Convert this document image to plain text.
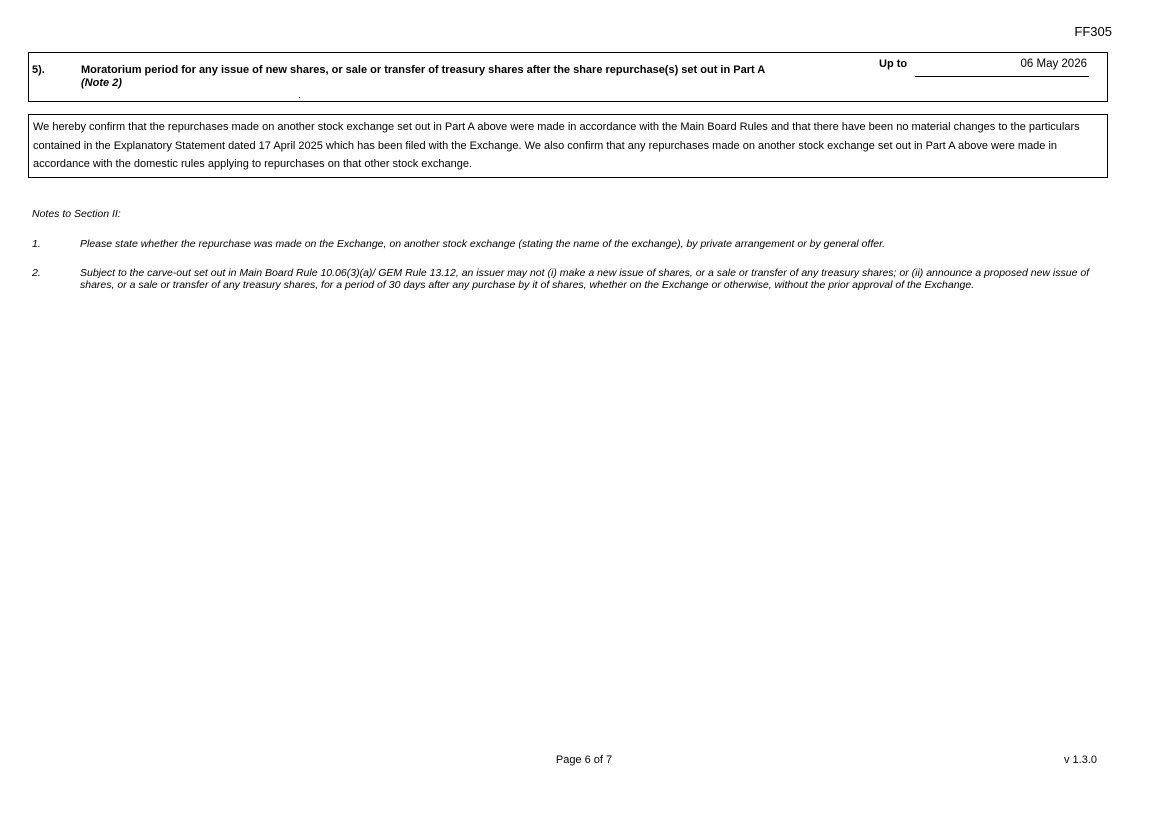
FF305
5).	Moratorium period for any issue of new shares, or sale or transfer of treasury shares after the share repurchase(s) set out in Part A
(Note 2)
Up to	06 May 2026
We hereby confirm that the repurchases made on another stock exchange set out in Part A above were made in accordance with the Main Board Rules and that there have been no material changes to the particulars contained in the Explanatory Statement dated 17 April 2025 which has been filed with the Exchange. We also confirm that any repurchases made on another stock exchange set out in Part A above were made in accordance with the domestic rules applying to repurchases on that other stock exchange.
Notes to Section II:
1.	Please state whether the repurchase was made on the Exchange, on another stock exchange (stating the name of the exchange), by private arrangement or by general offer.
2.	Subject to the carve-out set out in Main Board Rule 10.06(3)(a)/ GEM Rule 13.12, an issuer may not (i) make a new issue of shares, or a sale or transfer of any treasury shares; or (ii) announce a proposed new issue of shares, or a sale or transfer of any treasury shares, for a period of 30 days after any purchase by it of shares, whether on the Exchange or otherwise, without the prior approval of the Exchange.
Page 6 of 7	v 1.3.0
